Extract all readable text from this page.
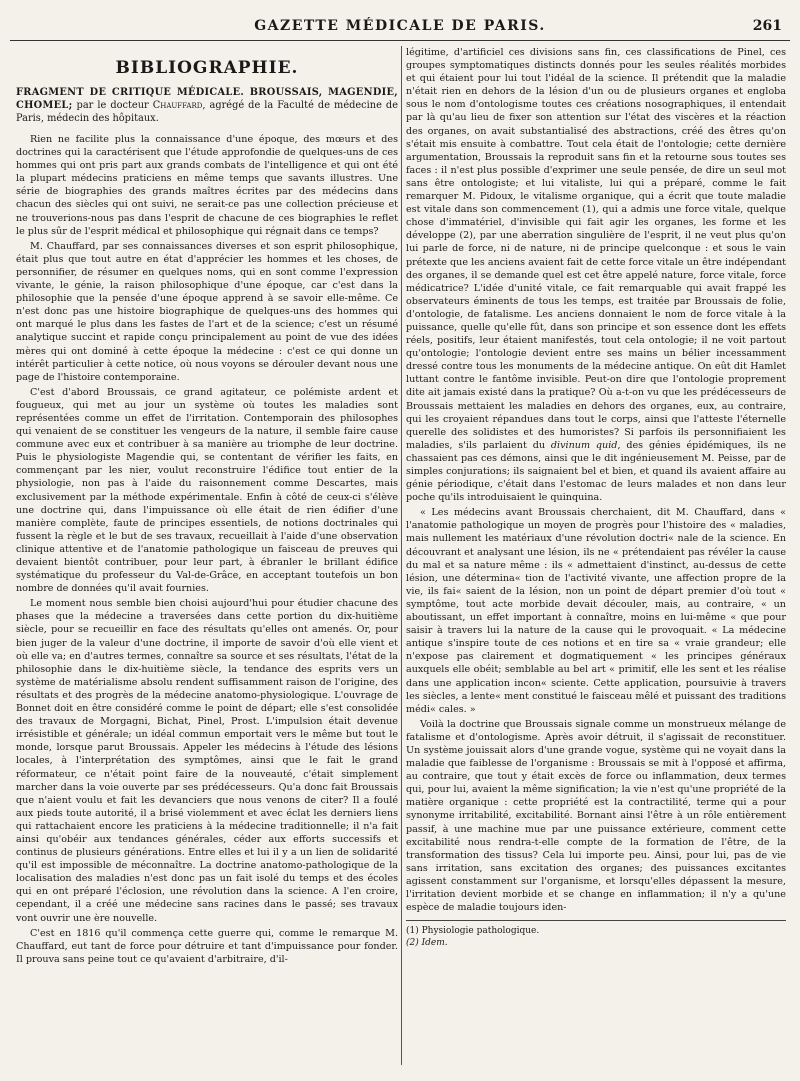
GAZETTE MÉDICALE DE PARIS.	261
BIBLIOGRAPHIE.

FRAGMENT DE CRITIQUE MÉDICALE. BROUSSAIS, MAGENDIE, CHOMEL; par le docteur Chauffard, agrégé de la Faculté de médecine de Paris, médecin des hôpitaux.

Rien ne facilite plus la connaissance d'une époque, des mœurs et des doctrines qui la caractérisent que l'étude approfondie de quelques-uns de ces hommes qui ont pris part aux grands combats de l'intelligence et qui ont été la plupart médecins praticiens en même temps que savants illustres. Une série de biographies des grands maîtres écrites par des médecins dans chacun des siècles qui ont suivi, ne serait-ce pas une collection précieuse et ne trouverions-nous pas dans l'esprit de chacune de ces biographies le reflet le plus sûr de l'esprit médical et philosophique qui régnait dans ce temps?

M. Chauffard, par ses connaissances diverses et son esprit philosophique, était plus que tout autre en état d'apprécier les hommes et les choses, de personnifier, de résumer en quelques noms, qui en sont comme l'expression vivante, le génie, la raison philosophique d'une époque, car c'est dans la philosophie que la pensée d'une époque apprend à se savoir elle-même. Ce n'est donc pas une histoire biographique de quelques-uns des hommes qui ont marqué le plus dans les fastes de l'art et de la science; c'est un résumé analytique succint et rapide conçu principalement au point de vue des idées mères qui ont dominé à cette époque la médecine : c'est ce qui donne un intérêt particulier à cette notice, où nous voyons se dérouler devant nous une page de l'histoire contemporaine.

C'est d'abord Broussais, ce grand agitateur, ce polémiste ardent et fougueux, qui met au jour un système où toutes les maladies sont représentées comme un effet de l'irritation. Contemporain des philosophes qui venaient de se constituer les vengeurs de la nature, il semble faire cause commune avec eux et contribuer à sa manière au triomphe de leur doctrine. Puis le physiologiste Magendie qui, se contentant de vérifier les faits, en commençant par les nier, voulut reconstruire l'édifice tout entier de la physiologie, non pas à l'aide du raisonnement comme Descartes, mais exclusivement par la méthode expérimentale. Enfin à côté de ceux-ci s'élève une doctrine qui, dans l'impuissance où elle était de rien édifier d'une manière complète, faute de principes essentiels, de notions doctrinales qui fussent la règle et le but de ses travaux, recueillait à l'aide d'une observation clinique attentive et de l'anatomie pathologique un faisceau de preuves qui devaient bientôt contribuer, pour leur part, à ébranler le brillant édifice systématique du professeur du Val-de-Grâce, en acceptant toutefois un bon nombre de données qu'il avait fournies.

Le moment nous semble bien choisi aujourd'hui pour étudier chacune des phases que la médecine a traversées dans cette portion du dix-huitième siècle, pour se recueillir en face des résultats qu'elles ont amenés. Or, pour bien juger de la valeur d'une doctrine, il importe de savoir d'où elle vient et où elle va; en d'autres termes, connaître sa source et ses résultats, l'état de la philosophie dans le dix-huitième siècle, la tendance des esprits vers un système de matérialisme absolu rendent suffisamment raison de l'origine, des résultats et des progrès de la médecine anatomo-physiologique. L'ouvrage de Bonnet doit en être considéré comme le point de départ; elle s'est consolidée des travaux de Morgagni, Bichat, Pinel, Prost. L'impulsion était devenue irrésistible et générale; un idéal commun emportait vers le même but tout le monde, lorsque parut Broussais. Appeler les médecins à l'étude des lésions locales, à l'interprétation des symptômes, ainsi que le fait le grand réformateur, ce n'était point faire de la nouveauté, c'était simplement marcher dans la voie ouverte par ses prédécesseurs. Qu'a donc fait Broussais que n'aient voulu et fait les devanciers que nous venons de citer? Il a foulé aux pieds toute autorité, il a brisé violemment et avec éclat les derniers liens qui rattachaient encore les praticiens à la médecine traditionnelle; il n'a fait ainsi qu'obéir aux tendances générales, céder aux efforts successifs et continus de plusieurs générations. Entre elles et lui il y a un lien de solidarité qu'il est impossible de méconnaître. La doctrine anatomo-pathologique de la localisation des maladies n'est donc pas un fait isolé du temps et des écoles qui en ont préparé l'éclosion, une révolution dans la science. A l'en croire, cependant, il a créé une médecine sans racines dans le passé; ses travaux vont ouvrir une ère nouvelle.

C'est en 1816 qu'il commença cette guerre qui, comme le remarque M. Chauffard, eut tant de force pour détruire et tant d'impuissance pour fonder. Il prouva sans peine tout ce qu'avaient d'arbitraire, d'il-

légitime, d'artificiel ces divisions sans fin, ces classifications de Pinel, ces groupes symptomatiques distincts donnés pour les seules réalités morbides et qui étaient pour lui tout l'idéal de la science. Il prétendit que la maladie n'était rien en dehors de la lésion d'un ou de plusieurs organes et engloba sous le nom d'ontologisme toutes ces créations nosographiques, il entendait par là qu'au lieu de fixer son attention sur l'état des viscères et la réaction des organes, on avait substantialisé des abstractions, créé des êtres qu'on s'était mis ensuite à combattre. Tout cela était de l'ontologie; cette dernière argumentation, Broussais la reproduit sans fin et la retourne sous toutes ses faces : il n'est plus possible d'exprimer une seule pensée, de dire un seul mot sans être ontologiste; et lui vitaliste, lui qui a préparé, comme le fait remarquer M. Pidoux, le vitalisme organique, qui a écrit que toute maladie est vitale dans son commencement (1), qui a admis une force vitale, quelque chose d'immatériel, d'invisible qui fait agir les organes, les forme et les développe (2), par une aberration singulière de l'esprit, il ne veut plus qu'on lui parle de force, ni de nature, ni de principe quelconque : et sous le vain prétexte que les anciens avaient fait de cette force vitale un être indépendant des organes, il se demande quel est cet être appelé nature, force vitale, force médicatrice? L'idée d'unité vitale, ce fait remarquable qui avait frappé les observateurs éminents de tous les temps, est traitée par Broussais de folie, d'ontologie, de fatalisme. Les anciens donnaient le nom de force vitale à la puissance, quelle qu'elle fût, dans son principe et son essence dont les effets réels, positifs, leur étaient manifestés, tout cela ontologie; il ne voit partout qu'ontologie; l'ontologie devient entre ses mains un bélier incessamment dressé contre tous les monuments de la médecine antique. On eût dit Hamlet luttant contre le fantôme invisible. Peut-on dire que l'ontologie proprement dite ait jamais existé dans la pratique? Où a-t-on vu que les prédécesseurs de Broussais mettaient les maladies en dehors des organes, eux, au contraire, qui les croyaient répandues dans tout le corps, ainsi que l'atteste l'éternelle querelle des solidistes et des humoristes? Si parfois ils personnifiaient les maladies, s'ils parlaient du divinum quid, des génies épidémiques, ils ne chassaient pas ces démons, ainsi que le dit ingénieusement M. Peisse, par de simples conjurations; ils saignaient bel et bien, et quand ils avaient affaire au génie périodique, c'était dans l'estomac de leurs malades et non dans leur poche qu'ils introduisaient le quinquina.

« Les médecins avant Broussais cherchaient, dit M. Chauffard, dans « l'anatomie pathologique un moyen de progrès pour l'histoire des « maladies, mais nullement les matériaux d'une révolution doctri« nale de la science. En découvrant et analysant une lésion, ils ne « prétendaient pas révéler la cause du mal et sa nature même : ils « admettaient d'instinct, au-dessus de cette lésion, une détermina« tion de l'activité vivante, une affection propre de la vie, ils fai« saient de la lésion, non un point de départ premier d'où tout « symptôme, tout acte morbide devait découler, mais, au contraire, « un aboutissant, un effet important à connaître, moins en lui-même « que pour saisir à travers lui la nature de la cause qui le provoquait. « La médecine antique s'inspire toute de ces notions et en tire sa « vraie grandeur; elle n'expose pas clairement et dogmatiquement « les principes généraux auxquels elle obéit; semblable au bel art « primitif, elle les sent et les réalise dans une application incon« sciente. Cette application, poursuivie à travers les siècles, a lente« ment constitué le faisceau mêlé et puissant des traditions médi« cales. »

Voilà la doctrine que Broussais signale comme un monstrueux mélange de fatalisme et d'ontologisme. Après avoir détruit, il s'agissait de reconstituer. Un système jouissait alors d'une grande vogue, système qui ne voyait dans la maladie que faiblesse de l'organisme : Broussais se mit à l'opposé et affirma, au contraire, que tout y était excès de force ou inflammation, deux termes qui, pour lui, avaient la même signification; la vie n'est qu'une propriété de la matière organique : cette propriété est la contractilité, terme qui a pour synonyme irritabilité, excitabilité. Bornant ainsi l'être à un rôle entièrement passif, à une machine mue par une puissance extérieure, comment cette excitabilité nous rendra-t-elle compte de la formation de l'être, de la transformation des tissus? Cela lui importe peu. Ainsi, pour lui, pas de vie sans irritation, sans excitation des organes; des puissances excitantes agissent constamment sur l'organisme, et lorsqu'elles dépassent la mesure, l'irritation devient morbide et se change en inflammation; il n'y a qu'une espèce de maladie toujours iden-

(1) Physiologie pathologique.
(2) Idem.
